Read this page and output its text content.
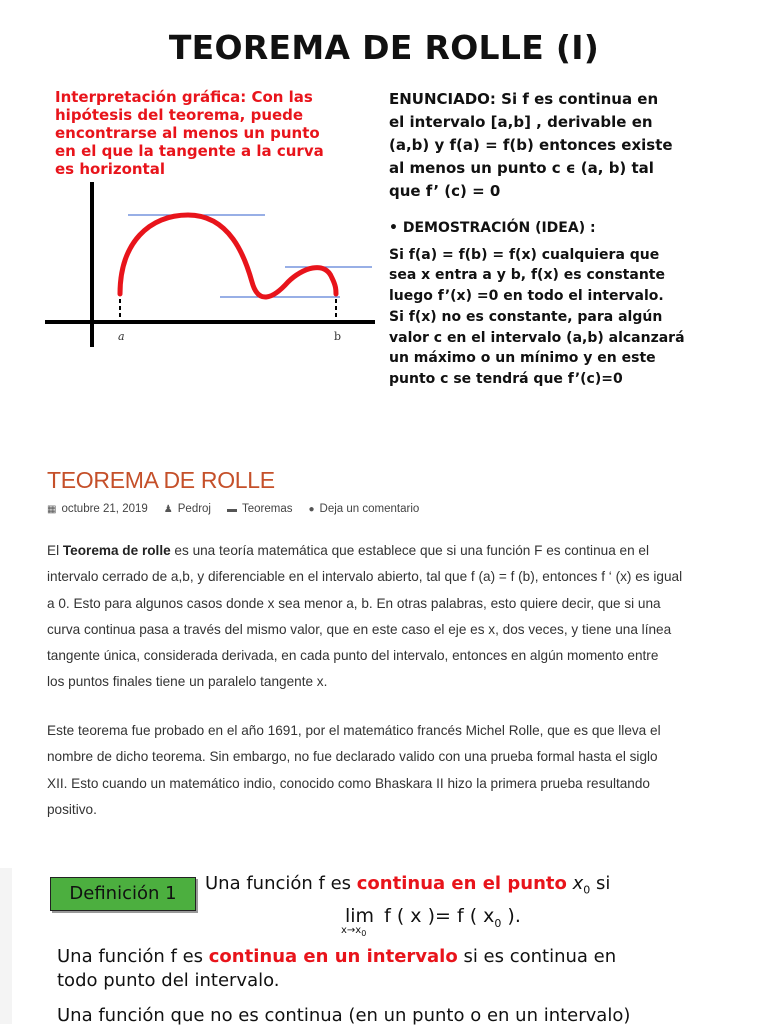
TEOREMA DE ROLLE (I)
Interpretación gráfica: Con las
hipótesis del teorema, puede
encontrarse al menos un punto
en el que la tangente a la curva
es horizontal
ENUNCIADO: Si f es continua en
el intervalo [a,b] , derivable en
(a,b) y f(a) = f(b) entonces existe
al menos un punto c ϵ (a, b) tal
que f’ (c) = 0
• DEMOSTRACIÓN (IDEA) :
Si f(a) = f(b) = f(x) cualquiera que
sea x entra a y b, f(x) es constante
luego f’(x) =0 en todo el intervalo.
Si f(x) no es constante, para algún
valor c en el intervalo (a,b) alcanzará
un máximo o un mínimo y en este
punto c se tendrá que f’(c)=0
a	b
TEOREMA DE ROLLE
▦ octubre 21, 2019 ♟ Pedroj ▬ Teoremas ● Deja un comentario
El Teorema de rolle es una teoría matemática que establece que si una función F es continua en el
intervalo cerrado de a,b, y diferenciable en el intervalo abierto, tal que f (a) = f (b), entonces f ‘ (x) es igual
a 0. Esto para algunos casos donde x sea menor a, b. En otras palabras, esto quiere decir, que si una
curva continua pasa a través del mismo valor, que en este caso el eje es x, dos veces, y tiene una línea
tangente única, considerada derivada, en cada punto del intervalo, entonces en algún momento entre
los puntos finales tiene un paralelo tangente x.
Este teorema fue probado en el año 1691, por el matemático francés Michel Rolle, que es que lleva el
nombre de dicho teorema. Sin embargo, no fue declarado valido con una prueba formal hasta el siglo
XII. Esto cuando un matemático indio, conocido como Bhaskara II hizo la primera prueba resultando
positivo.
Definición 1	Una función f es continua en el punto $x_0$ si
lim
$x\to x_0$
f ( x )= f ( $x_0$ ).
Una función f es continua en un intervalo si es continua en
todo punto del intervalo.
Una función que no es continua (en un punto o en un intervalo)
